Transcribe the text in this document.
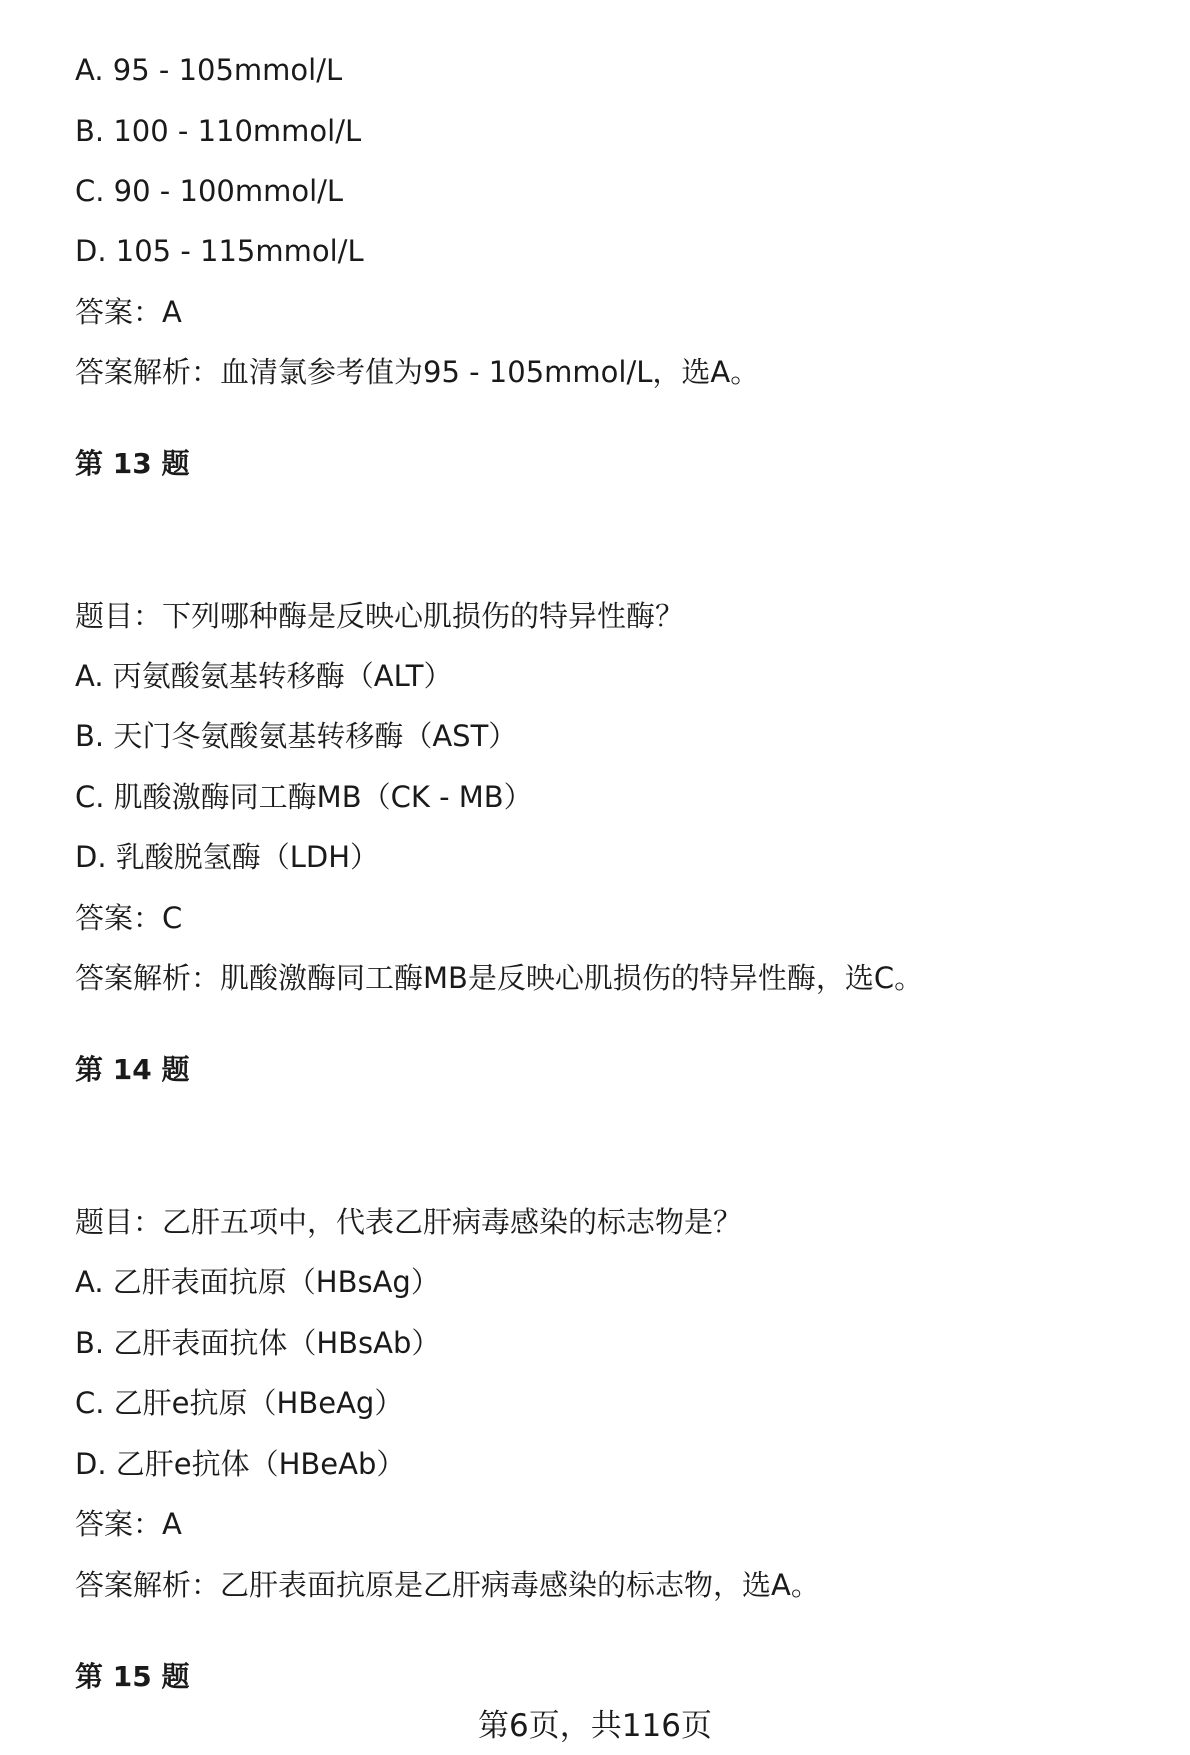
A. 95 - 105mmol/L
B. 100 - 110mmol/L
C. 90 - 100mmol/L
D. 105 - 115mmol/L
答案：A
答案解析：血清氯参考值为95 - 105mmol/L，选A。
第 13 题
题目：下列哪种酶是反映心肌损伤的特异性酶？
A. 丙氨酸氨基转移酶（ALT）
B. 天门冬氨酸氨基转移酶（AST）
C. 肌酸激酶同工酶MB（CK - MB）
D. 乳酸脱氢酶（LDH）
答案：C
答案解析：肌酸激酶同工酶MB是反映心肌损伤的特异性酶，选C。
第 14 题
题目：乙肝五项中，代表乙肝病毒感染的标志物是？
A. 乙肝表面抗原（HBsAg）
B. 乙肝表面抗体（HBsAb）
C. 乙肝e抗原（HBeAg）
D. 乙肝e抗体（HBeAb）
答案：A
答案解析：乙肝表面抗原是乙肝病毒感染的标志物，选A。
第 15 题
第6页，共116页
